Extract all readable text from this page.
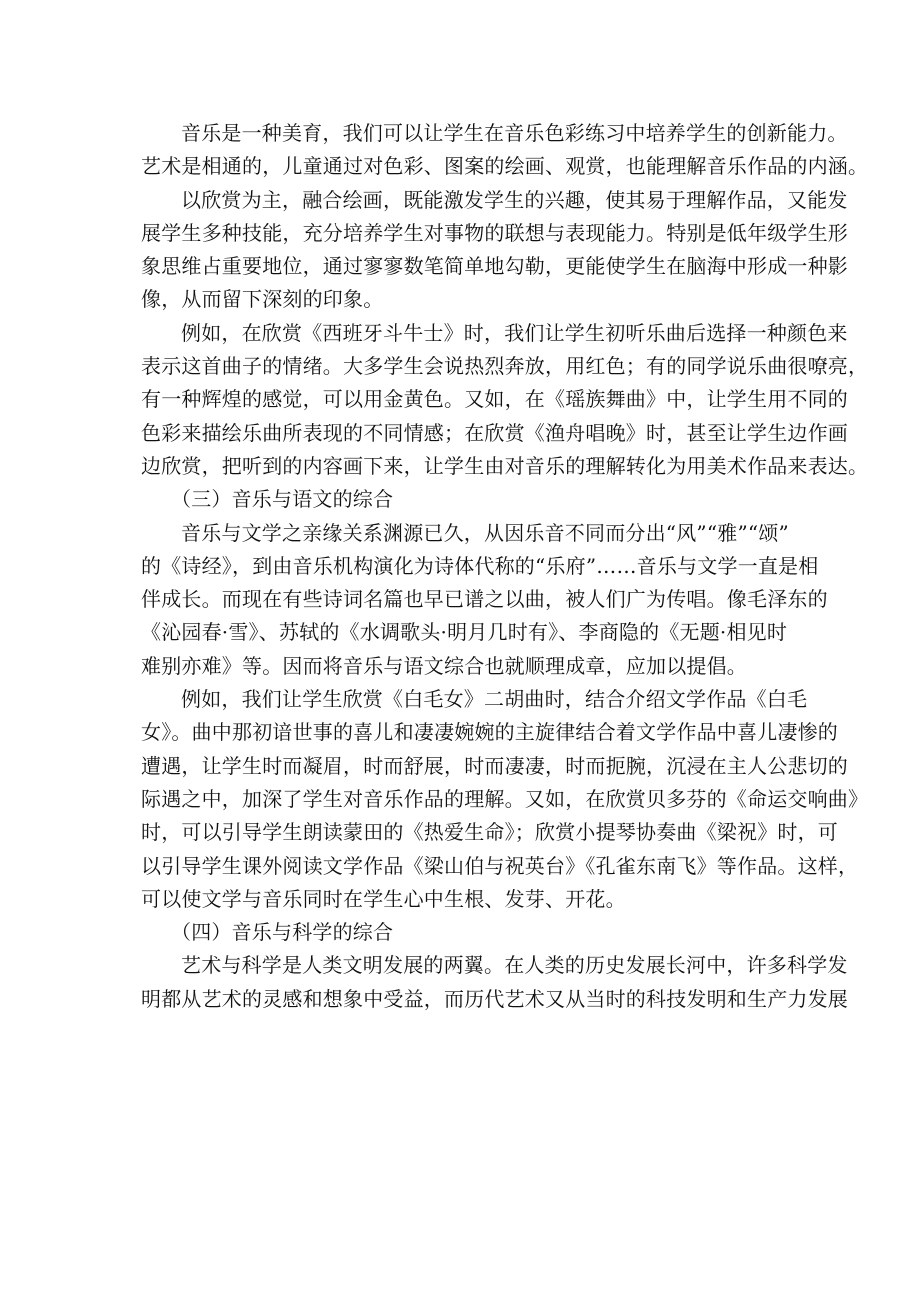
音乐是一种美育，我们可以让学生在音乐色彩练习中培养学生的创新能力。
艺术是相通的，儿童通过对色彩、图案的绘画、观赏，也能理解音乐作品的内涵。

以欣赏为主，融合绘画，既能激发学生的兴趣，使其易于理解作品，又能发
展学生多种技能，充分培养学生对事物的联想与表现能力。特别是低年级学生形
象思维占重要地位，通过寥寥数笔简单地勾勒，更能使学生在脑海中形成一种影
像，从而留下深刻的印象。

例如，在欣赏《西班牙斗牛士》时，我们让学生初听乐曲后选择一种颜色来
表示这首曲子的情绪。大多学生会说热烈奔放，用红色；有的同学说乐曲很嘹亮，
有一种辉煌的感觉，可以用金黄色。又如，在《瑶族舞曲》中，让学生用不同的
色彩来描绘乐曲所表现的不同情感；在欣赏《渔舟唱晚》时，甚至让学生边作画
边欣赏，把听到的内容画下来，让学生由对音乐的理解转化为用美术作品来表达。

（三）音乐与语文的综合

音乐与文学之亲缘关系渊源已久，从因乐音不同而分出“风”“雅”“颂”
的《诗经》，到由音乐机构演化为诗体代称的“乐府”……音乐与文学一直是相
伴成长。而现在有些诗词名篇也早已谱之以曲，被人们广为传唱。像毛泽东的
《沁园春·雪》、苏轼的《水调歌头·明月几时有》、李商隐的《无题·相见时
难别亦难》等。因而将音乐与语文综合也就顺理成章，应加以提倡。

例如，我们让学生欣赏《白毛女》二胡曲时，结合介绍文学作品《白毛
女》。曲中那初谙世事的喜儿和凄凄婉婉的主旋律结合着文学作品中喜儿凄惨的
遭遇，让学生时而凝眉，时而舒展，时而凄凄，时而扼腕，沉浸在主人公悲切的
际遇之中，加深了学生对音乐作品的理解。又如，在欣赏贝多芬的《命运交响曲》
时，可以引导学生朗读蒙田的《热爱生命》；欣赏小提琴协奏曲《梁祝》时，可
以引导学生课外阅读文学作品《梁山伯与祝英台》《孔雀东南飞》等作品。这样，
可以使文学与音乐同时在学生心中生根、发芽、开花。

（四）音乐与科学的综合

艺术与科学是人类文明发展的两翼。在人类的历史发展长河中，许多科学发
明都从艺术的灵感和想象中受益，而历代艺术又从当时的科技发明和生产力发展
